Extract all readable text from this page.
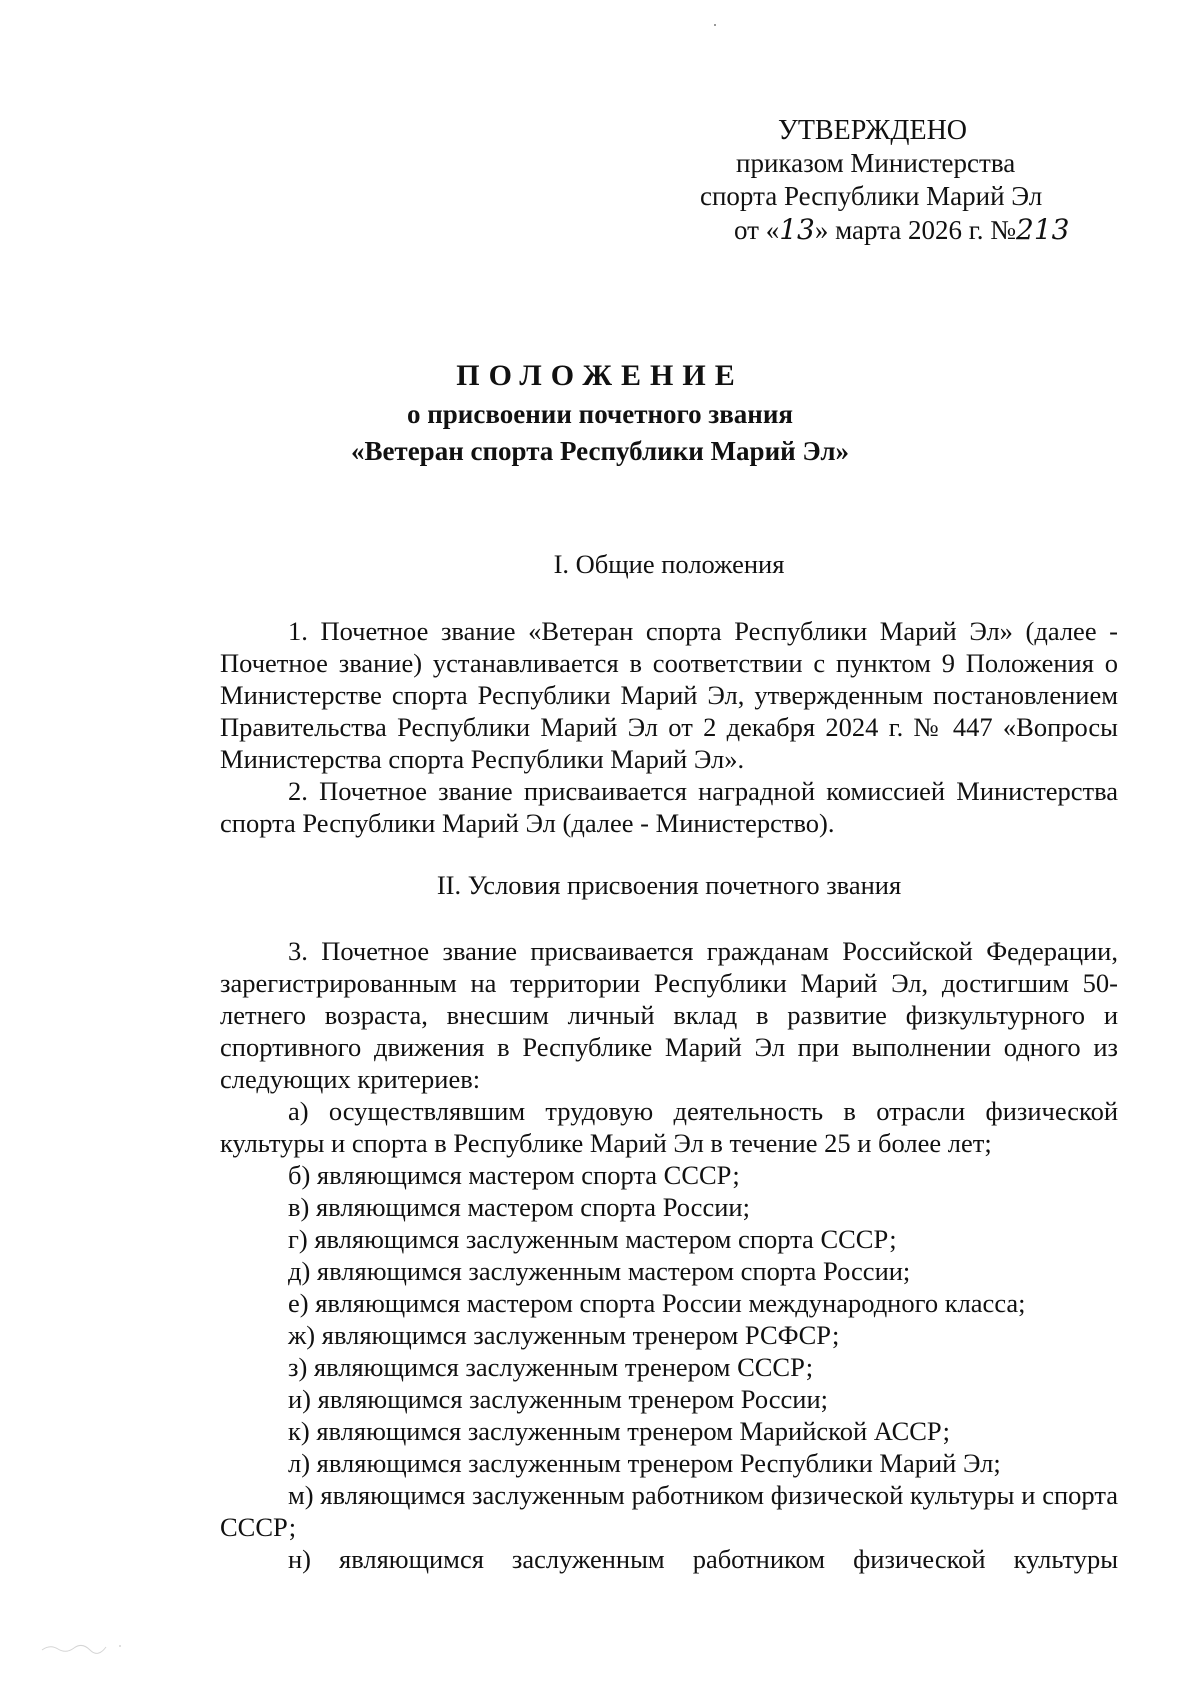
УТВЕРЖДЕНО
приказом Министерства
спорта Республики Марий Эл
от «13» марта 2026 г. №213
ПОЛОЖЕНИЕ
о присвоении почетного звания
«Ветеран спорта Республики Марий Эл»

I. Общие положения

1. Почетное звание «Ветеран спорта Республики Марий Эл» (далее - Почетное звание) устанавливается в соответствии с пунктом 9 Положения о Министерстве спорта Республики Марий Эл, утвержденным постановлением Правительства Республики Марий Эл от 2 декабря 2024 г. № 447 «Вопросы Министерства спорта Республики Марий Эл».

2. Почетное звание присваивается наградной комиссией Министерства спорта Республики Марий Эл (далее - Министерство).

II. Условия присвоения почетного звания

3. Почетное звание присваивается гражданам Российской Федерации, зарегистрированным на территории Республики Марий Эл, достигшим 50-летнего возраста, внесшим личный вклад в развитие физкультурного и спортивного движения в Республике Марий Эл при выполнении одного из следующих критериев:

а) осуществлявшим трудовую деятельность в отрасли физической культуры и спорта в Республике Марий Эл в течение 25 и более лет;

б) являющимся мастером спорта СССР;

в) являющимся мастером спорта России;

г) являющимся заслуженным мастером спорта СССР;

д) являющимся заслуженным мастером спорта России;

е) являющимся мастером спорта России международного класса;

ж) являющимся заслуженным тренером РСФСР;

з) являющимся заслуженным тренером СССР;

и) являющимся заслуженным тренером России;

к) являющимся заслуженным тренером Марийской АССР;

л) являющимся заслуженным тренером Республики Марий Эл;

м) являющимся заслуженным работником физической культуры и спорта СССР;

н) являющимся заслуженным работником физической культуры
